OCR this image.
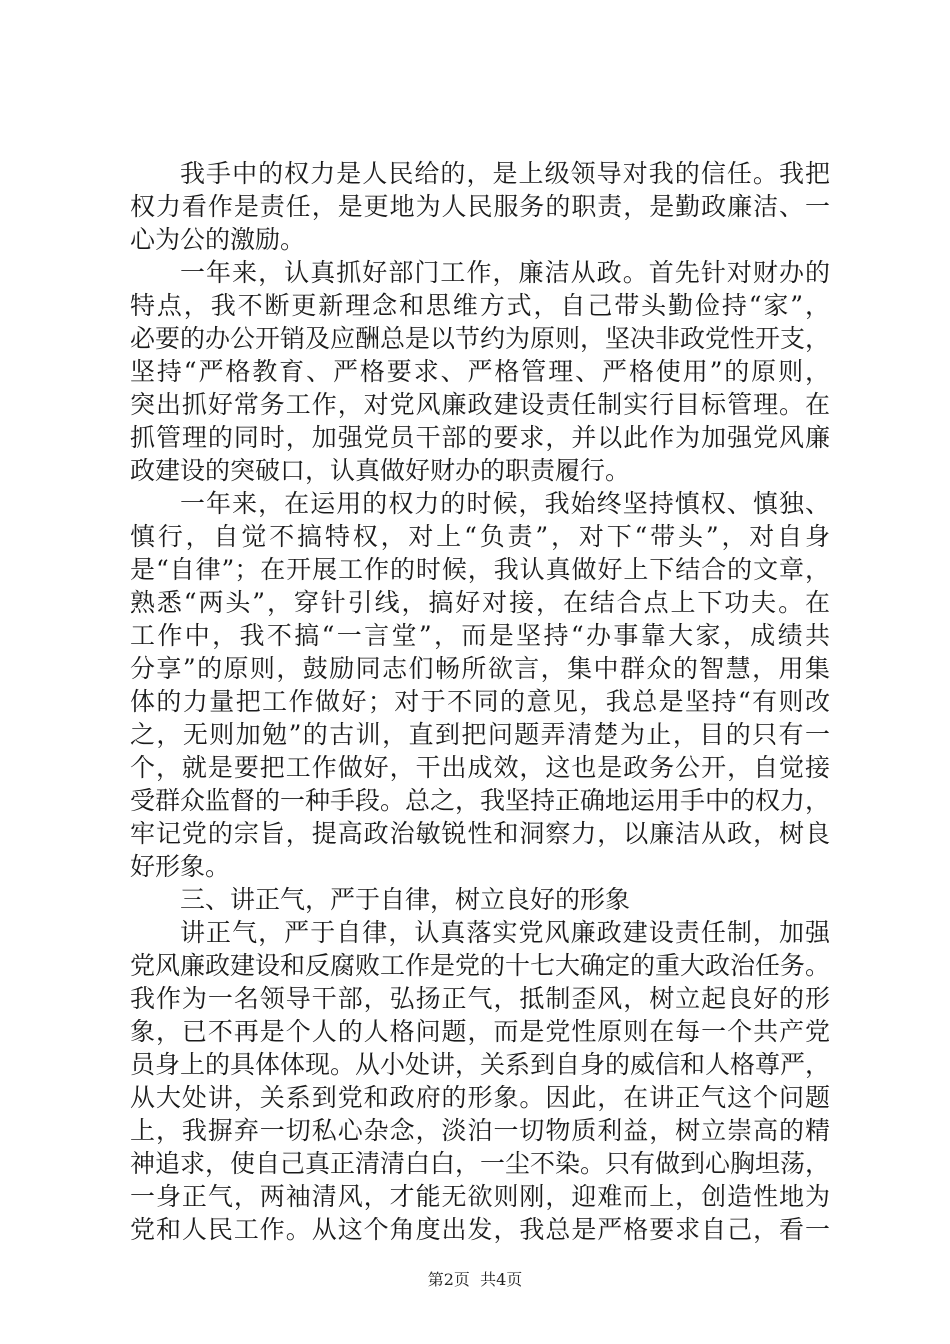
我手中的权力是人民给的，是上级领导对我的信任。我把
权力看作是责任，是更地为人民服务的职责，是勤政廉洁、一
心为公的激励。
一年来，认真抓好部门工作，廉洁从政。首先针对财办的
特点，我不断更新理念和思维方式，自己带头勤俭持“家”，
必要的办公开销及应酬总是以节约为原则，坚决非政党性开支，
坚持“严格教育、严格要求、严格管理、严格使用”的原则，
突出抓好常务工作，对党风廉政建设责任制实行目标管理。在
抓管理的同时，加强党员干部的要求，并以此作为加强党风廉
政建设的突破口，认真做好财办的职责履行。
一年来，在运用的权力的时候，我始终坚持慎权、慎独、
慎行，自觉不搞特权，对上“负责”，对下“带头”，对自身
是“自律”；在开展工作的时候，我认真做好上下结合的文章，
熟悉“两头”，穿针引线，搞好对接，在结合点上下功夫。在
工作中，我不搞“一言堂”，而是坚持“办事靠大家，成绩共
分享”的原则，鼓励同志们畅所欲言，集中群众的智慧，用集
体的力量把工作做好；对于不同的意见，我总是坚持“有则改
之，无则加勉”的古训，直到把问题弄清楚为止，目的只有一
个，就是要把工作做好，干出成效，这也是政务公开，自觉接
受群众监督的一种手段。总之，我坚持正确地运用手中的权力，
牢记党的宗旨，提高政治敏锐性和洞察力，以廉洁从政，树良
好形象。
三、讲正气，严于自律，树立良好的形象
讲正气，严于自律，认真落实党风廉政建设责任制，加强
党风廉政建设和反腐败工作是党的十七大确定的重大政治任务。
我作为一名领导干部，弘扬正气，抵制歪风，树立起良好的形
象，已不再是个人的人格问题，而是党性原则在每一个共产党
员身上的具体体现。从小处讲，关系到自身的威信和人格尊严，
从大处讲，关系到党和政府的形象。因此，在讲正气这个问题
上，我摒弃一切私心杂念，淡泊一切物质利益，树立崇高的精
神追求，使自己真正清清白白，一尘不染。只有做到心胸坦荡，
一身正气，两袖清风，才能无欲则刚，迎难而上，创造性地为
党和人民工作。从这个角度出发，我总是严格要求自己，看一
第2页  共4页
